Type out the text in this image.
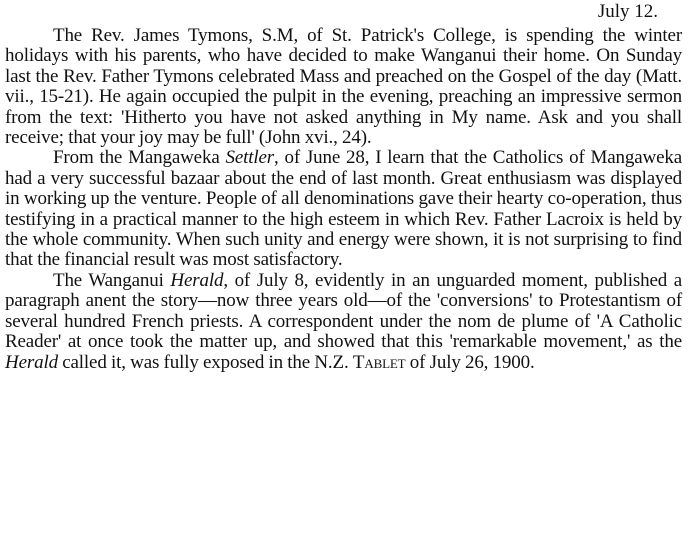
July 12.

The Rev. James Tymons, S.M, of St. Patrick's College, is spending the winter holidays with his parents, who have decided to make Wanganui their home. On Sunday last the Rev. Father Tymons celebrated Mass and preached on the Gospel of the day (Matt. vii., 15-21). He again occupied the pulpit in the evening, preaching an impressive sermon from the text: 'Hitherto you have not asked anything in My name. Ask and you shall receive; that your joy may be full' (John xvi., 24).

From the Mangaweka Settler, of June 28, I learn that the Catholics of Mangaweka had a very successful bazaar about the end of last month. Great enthusiasm was displayed in working up the venture. People of all denominations gave their hearty co-operation, thus testifying in a practical manner to the high esteem in which Rev. Father Lacroix is held by the whole community. When such unity and energy were shown, it is not surprising to find that the financial result was most satisfactory.

The Wanganui Herald, of July 8, evidently in an unguarded moment, published a paragraph anent the story—now three years old—of the 'conversions' to Protestantism of several hundred French priests. A correspondent under the nom de plume of 'A Catholic Reader' at once took the matter up, and showed that this 'remarkable movement,' as the Herald called it, was fully exposed in the N.Z. Tablet of July 26, 1900.
